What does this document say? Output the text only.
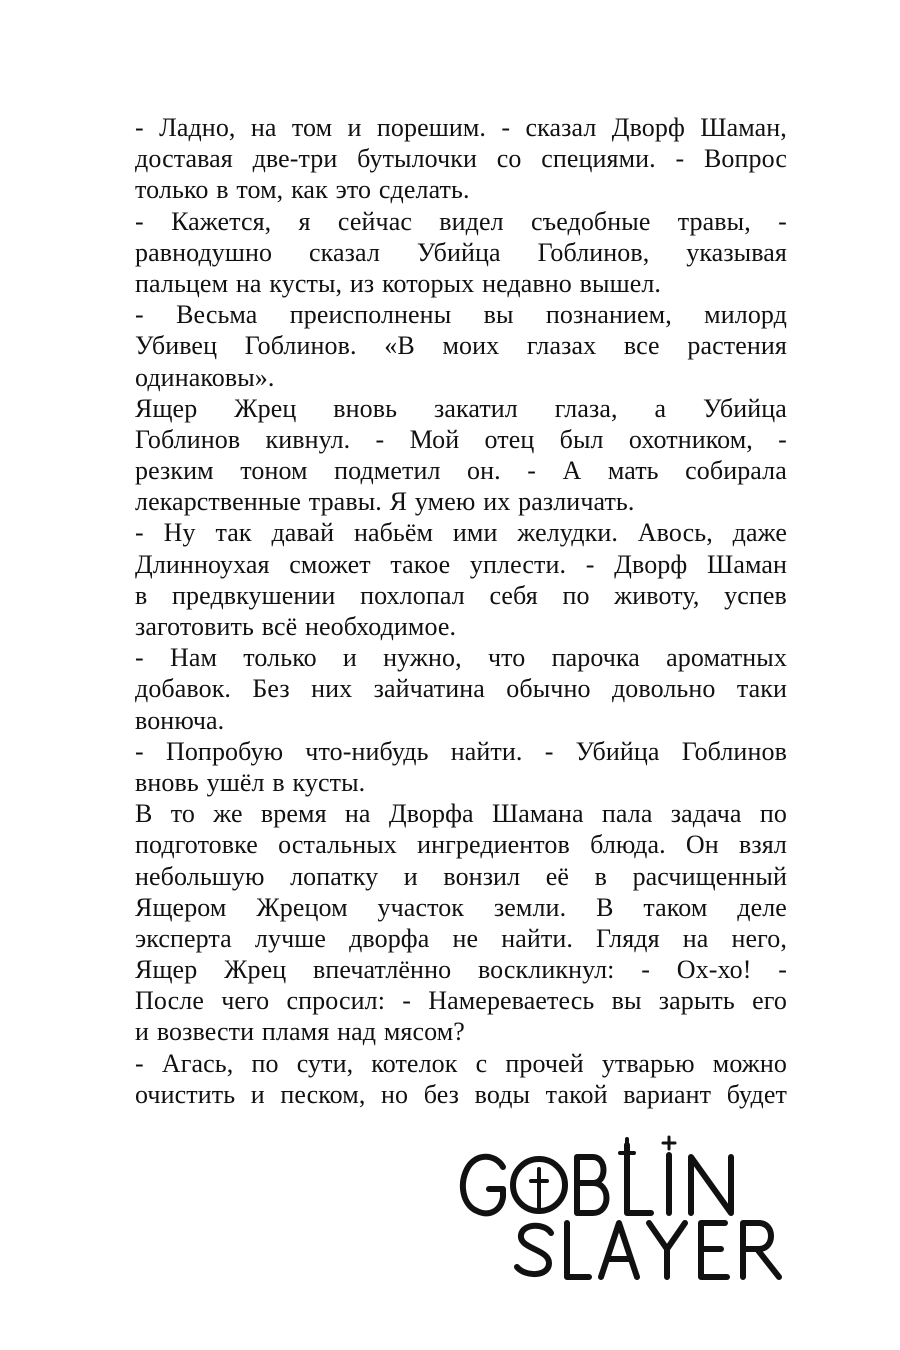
- Ладно, на том и порешим. - сказал Дворф Шаман,
доставая две-три бутылочки со специями. - Вопрос
только в том, как это сделать.
- Кажется, я сейчас видел съедобные травы, -
равнодушно сказал Убийца Гоблинов, указывая
пальцем на кусты, из которых недавно вышел.
- Весьма преисполнены вы познанием, милорд
Убивец Гоблинов. «В моих глазах все растения
одинаковы».
Ящер Жрец вновь закатил глаза, а Убийца
Гоблинов кивнул. - Мой отец был охотником, -
резким тоном подметил он. - А мать собирала
лекарственные травы. Я умею их различать.
- Ну так давай набьём ими желудки. Авось, даже
Длинноухая сможет такое уплести. - Дворф Шаман
в предвкушении похлопал себя по животу, успев
заготовить всё необходимое.
- Нам только и нужно, что парочка ароматных
добавок. Без них зайчатина обычно довольно таки
вонюча.
- Попробую что-нибудь найти. - Убийца Гоблинов
вновь ушёл в кусты.
В то же время на Дворфа Шамана пала задача по
подготовке остальных ингредиентов блюда. Он взял
небольшую лопатку и вонзил её в расчищенный
Ящером Жрецом участок земли. В таком деле
эксперта лучше дворфа не найти. Глядя на него,
Ящер Жрец впечатлённо воскликнул: - Ох-хо! -
После чего спросил: - Намереваетесь вы зарыть его
и возвести пламя над мясом?
- Агась, по сути, котелок с прочей утварью можно
очистить и песком, но без воды такой вариант будет
